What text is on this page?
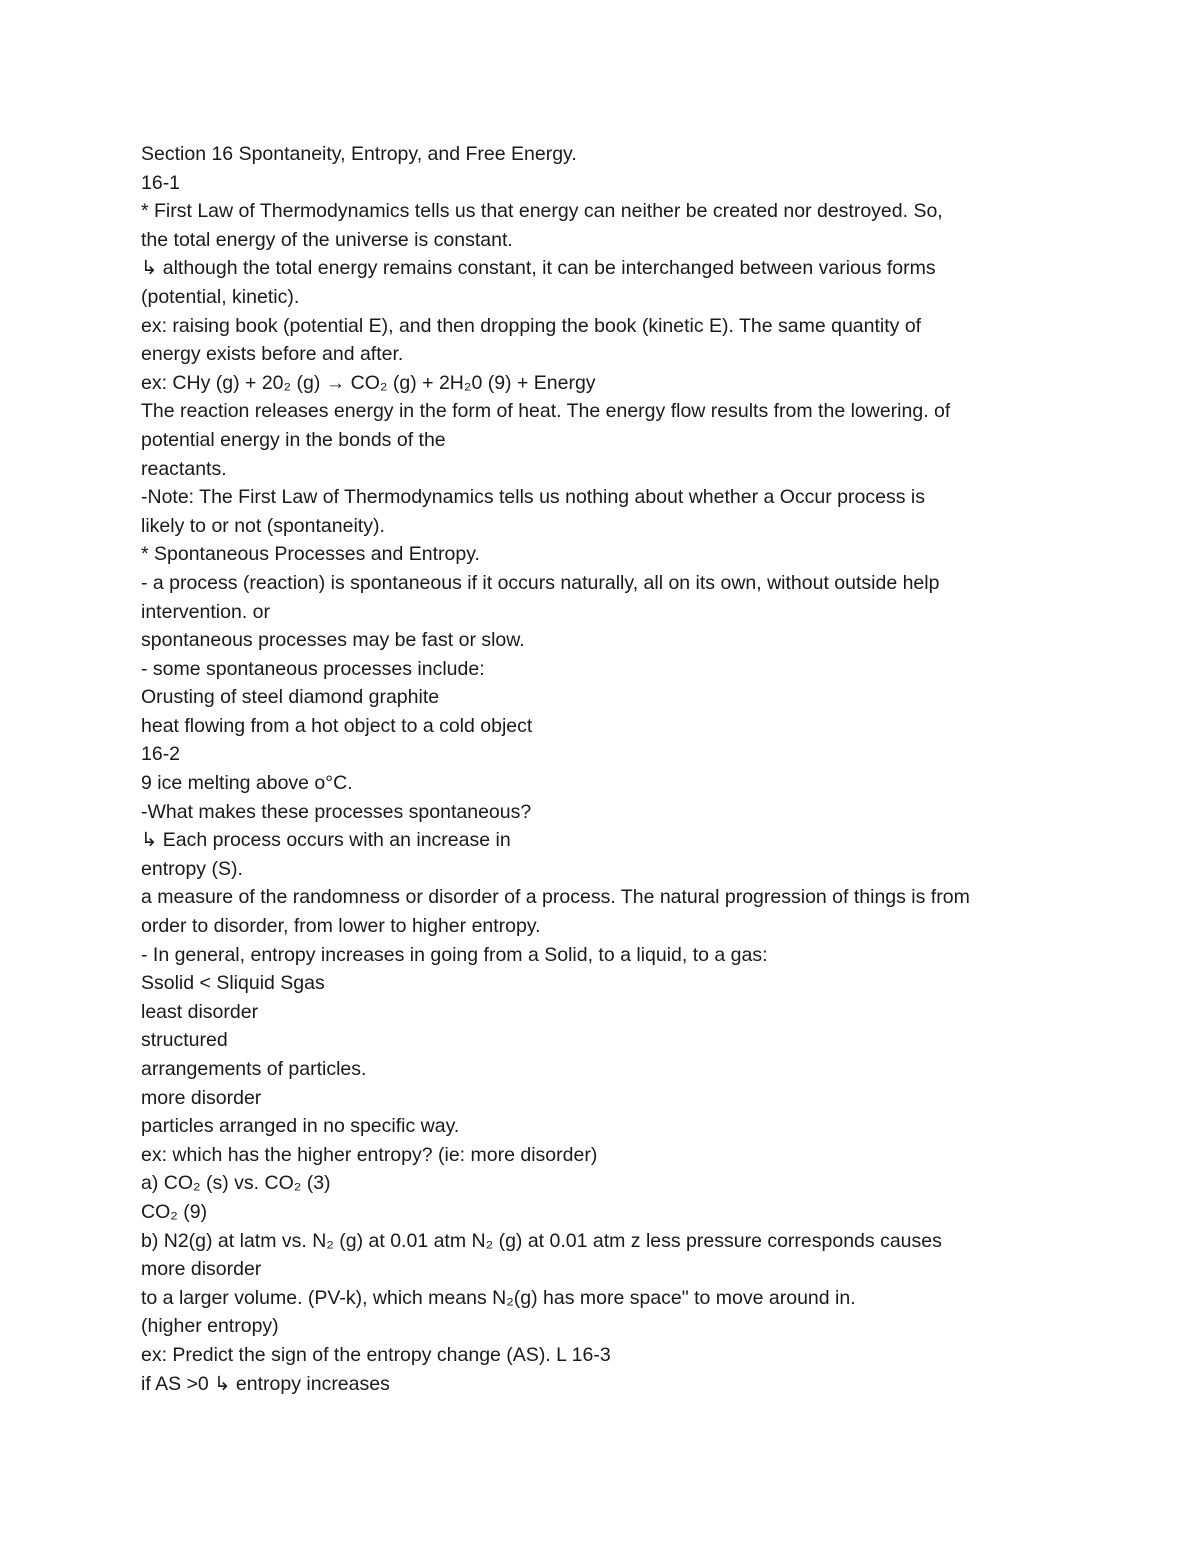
Section 16 Spontaneity, Entropy, and Free Energy.
16-1
* First Law of Thermodynamics tells us that energy can neither be created nor destroyed. So,
the total energy of the universe is constant.
↳ although the total energy remains constant, it can be interchanged between various forms
(potential, kinetic).
ex: raising book (potential E), and then dropping the book (kinetic E). The same quantity of
energy exists before and after.
ex: CHy (g) + 20₂ (g) → CO₂ (g) + 2H₂0 (9) + Energy
The reaction releases energy in the form of heat. The energy flow results from the lowering. of
potential energy in the bonds of the
reactants.
-Note: The First Law of Thermodynamics tells us nothing about whether a Occur process is
likely to or not (spontaneity).
* Spontaneous Processes and Entropy.
- a process (reaction) is spontaneous if it occurs naturally, all on its own, without outside help
intervention. or
spontaneous processes may be fast or slow.
- some spontaneous processes include:
Orusting of steel diamond graphite
heat flowing from a hot object to a cold object
16-2
9 ice melting above o°C.
-What makes these processes spontaneous?
↳ Each process occurs with an increase in
entropy (S).
a measure of the randomness or disorder of a process. The natural progression of things is from
order to disorder, from lower to higher entropy.
- In general, entropy increases in going from a Solid, to a liquid, to a gas:
Ssolid < Sliquid Sgas
least disorder
structured
arrangements of particles.
more disorder
particles arranged in no specific way.
ex: which has the higher entropy? (ie: more disorder)
a) CO₂ (s) vs. CO₂ (3)
CO₂ (9)
b) N2(g) at latm vs. N₂ (g) at 0.01 atm N₂ (g) at 0.01 atm z less pressure corresponds causes
more disorder
to a larger volume. (PV-k), which means N₂(g) has more space" to move around in.
(higher entropy)
ex: Predict the sign of the entropy change (AS). L 16-3
if AS >0 ↳ entropy increases
